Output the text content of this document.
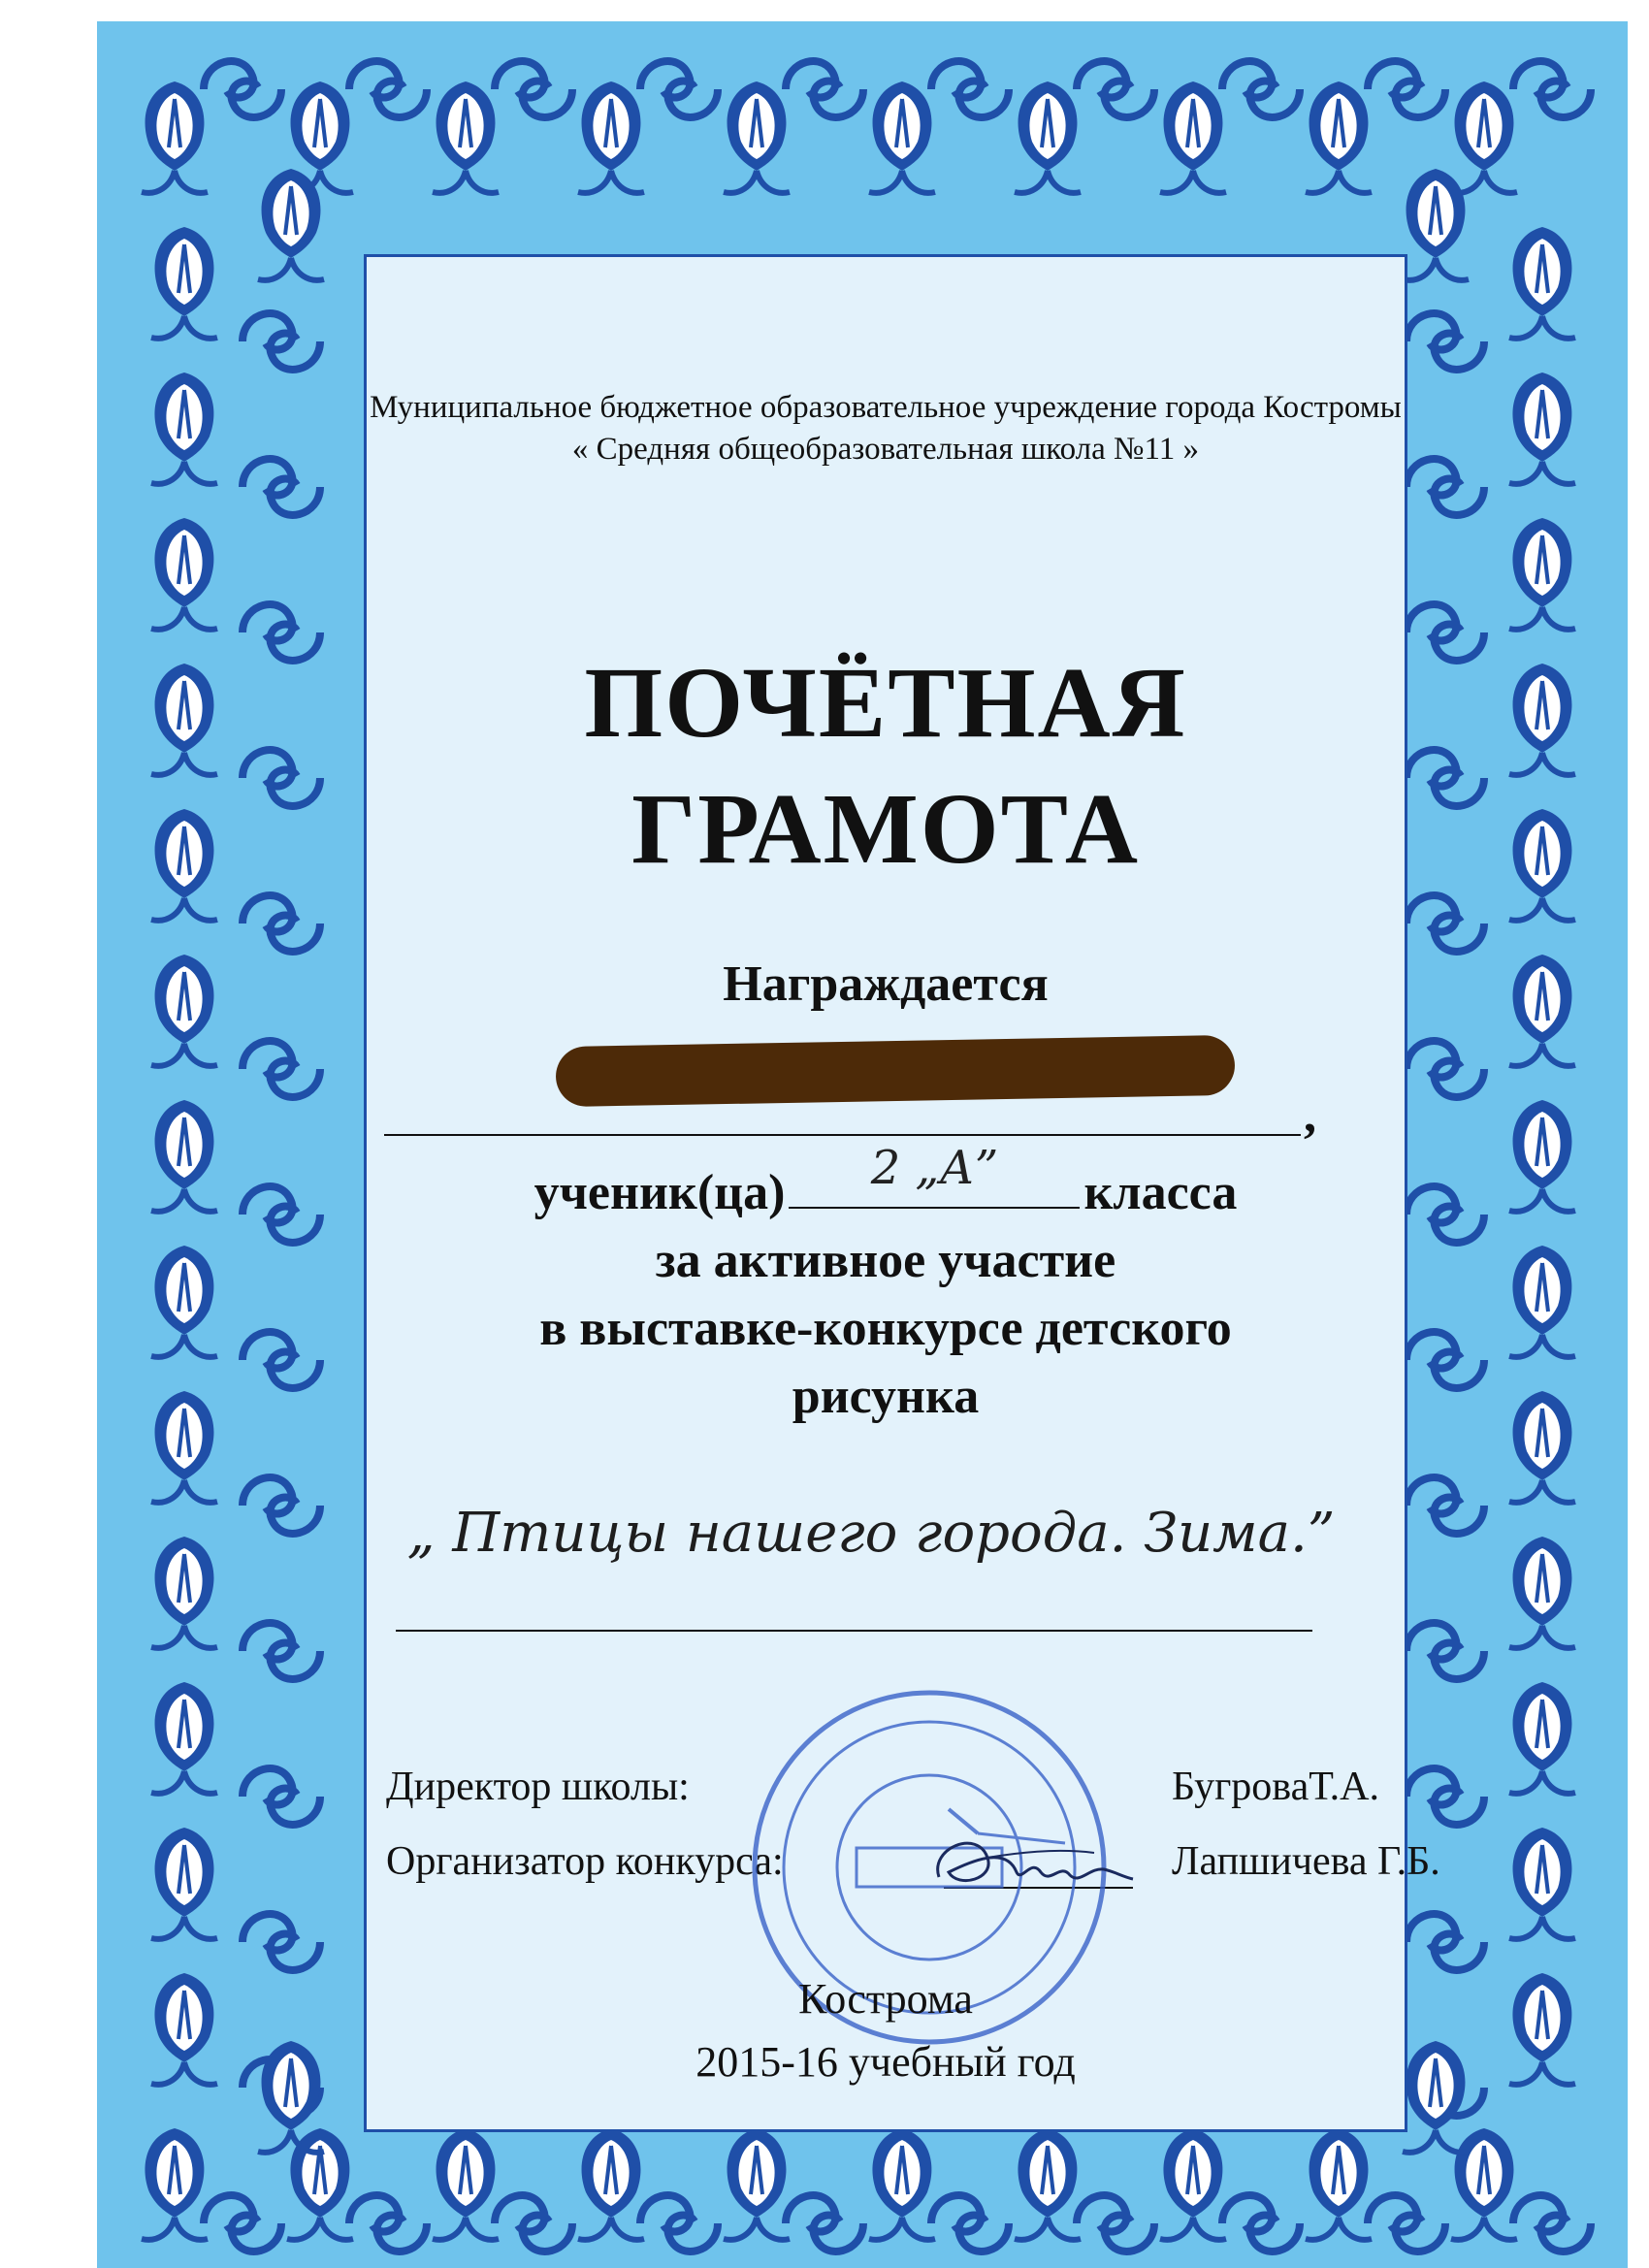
Муниципальное бюджетное образовательное учреждение города Костромы
« Средняя общеобразовательная школа №11 »
ПОЧЁТНАЯ
ГРАМОТА
Награждается
,
ученик(ца)	2 „А”	класса
за активное участие
в выставке-конкурсе детского
рисунка
„ Птицы нашего города. Зима.”
Директор школы:	БугроваТ.А.
Организатор конкурса:	Лапшичева Г.Б.
Кострома
2015-16 учебный год
